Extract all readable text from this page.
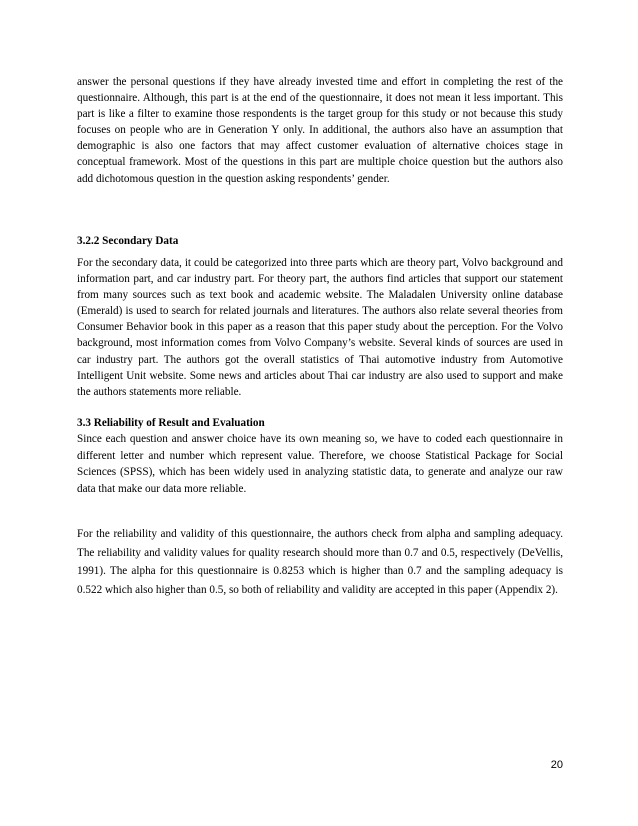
answer the personal questions if they have already invested time and effort in completing the rest of the questionnaire. Although, this part is at the end of the questionnaire, it does not mean it less important. This part is like a filter to examine those respondents is the target group for this study or not because this study focuses on people who are in Generation Y only. In additional, the authors also have an assumption that demographic is also one factors that may affect customer evaluation of alternative choices stage in conceptual framework. Most of the questions in this part are multiple choice question but the authors also add dichotomous question in the question asking respondents’ gender.

3.2.2 Secondary Data

For the secondary data, it could be categorized into three parts which are theory part, Volvo background and information part, and car industry part. For theory part, the authors find articles that support our statement from many sources such as text book and academic website. The Maladalen University online database (Emerald) is used to search for related journals and literatures. The authors also relate several theories from Consumer Behavior book in this paper as a reason that this paper study about the perception. For the Volvo background, most information comes from Volvo Company’s website. Several kinds of sources are used in car industry part. The authors got the overall statistics of Thai automotive industry from Automotive Intelligent Unit website. Some news and articles about Thai car industry are also used to support and make the authors statements more reliable.

3.3 Reliability of Result and Evaluation

Since each question and answer choice have its own meaning so, we have to coded each questionnaire in different letter and number which represent value. Therefore, we choose Statistical Package for Social Sciences (SPSS), which has been widely used in analyzing statistic data, to generate and analyze our raw data that make our data more reliable.

For the reliability and validity of this questionnaire, the authors check from alpha and sampling adequacy. The reliability and validity values for quality research should more than 0.7 and 0.5, respectively (DeVellis, 1991). The alpha for this questionnaire is 0.8253 which is higher than 0.7 and the sampling adequacy is 0.522 which also higher than 0.5, so both of reliability and validity are accepted in this paper (Appendix 2).

20
